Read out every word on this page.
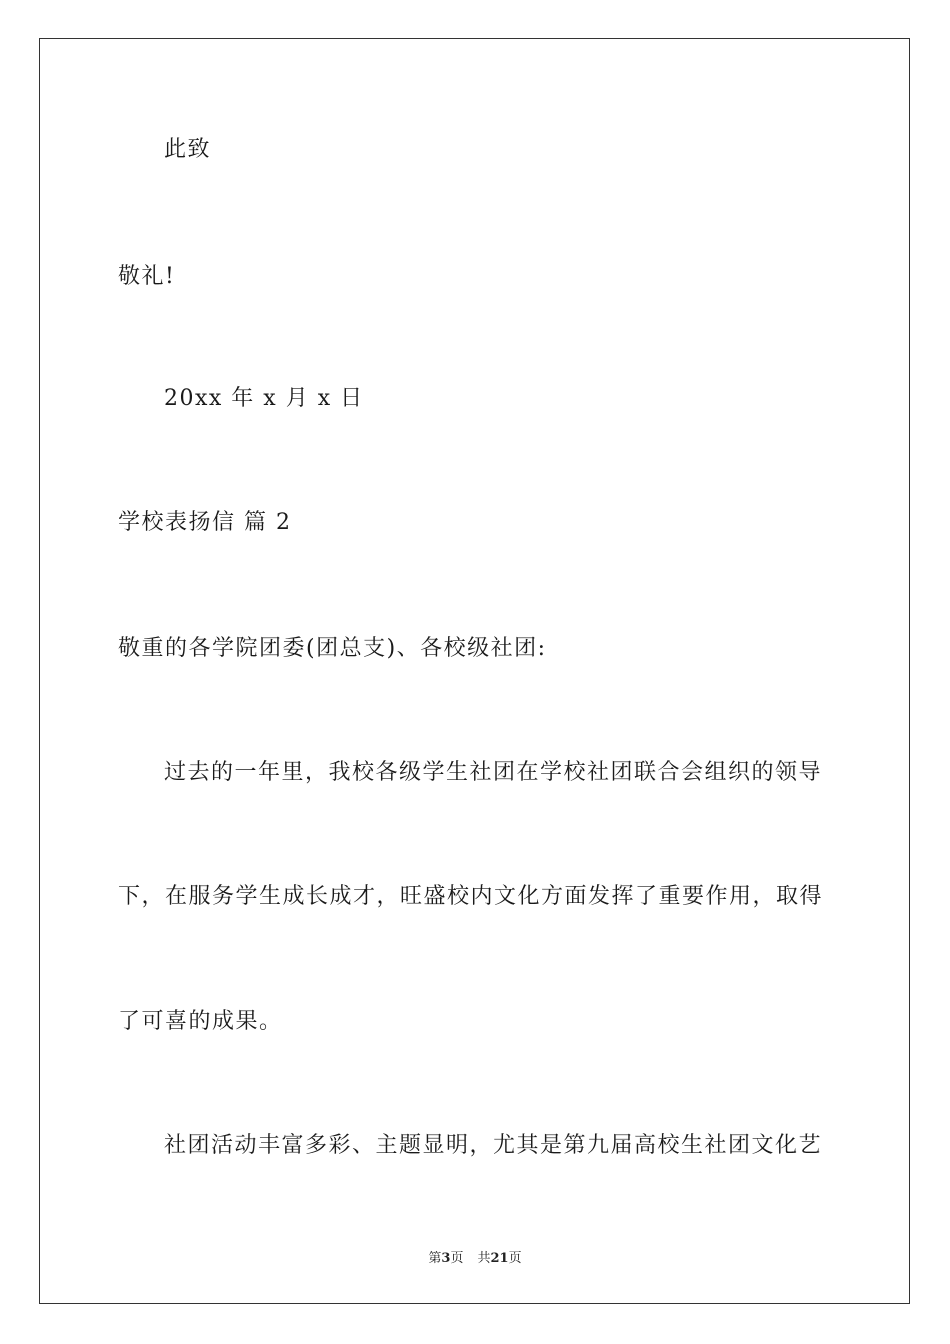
此致
敬礼!
20xx 年 x 月 x 日
学校表扬信 篇 2
敬重的各学院团委(团总支)、各校级社团:
过去的一年里，我校各级学生社团在学校社团联合会组织的领导
下，在服务学生成长成才，旺盛校内文化方面发挥了重要作用，取得
了可喜的成果。
社团活动丰富多彩、主题显明，尤其是第九届高校生社团文化艺
第3页 共21页
